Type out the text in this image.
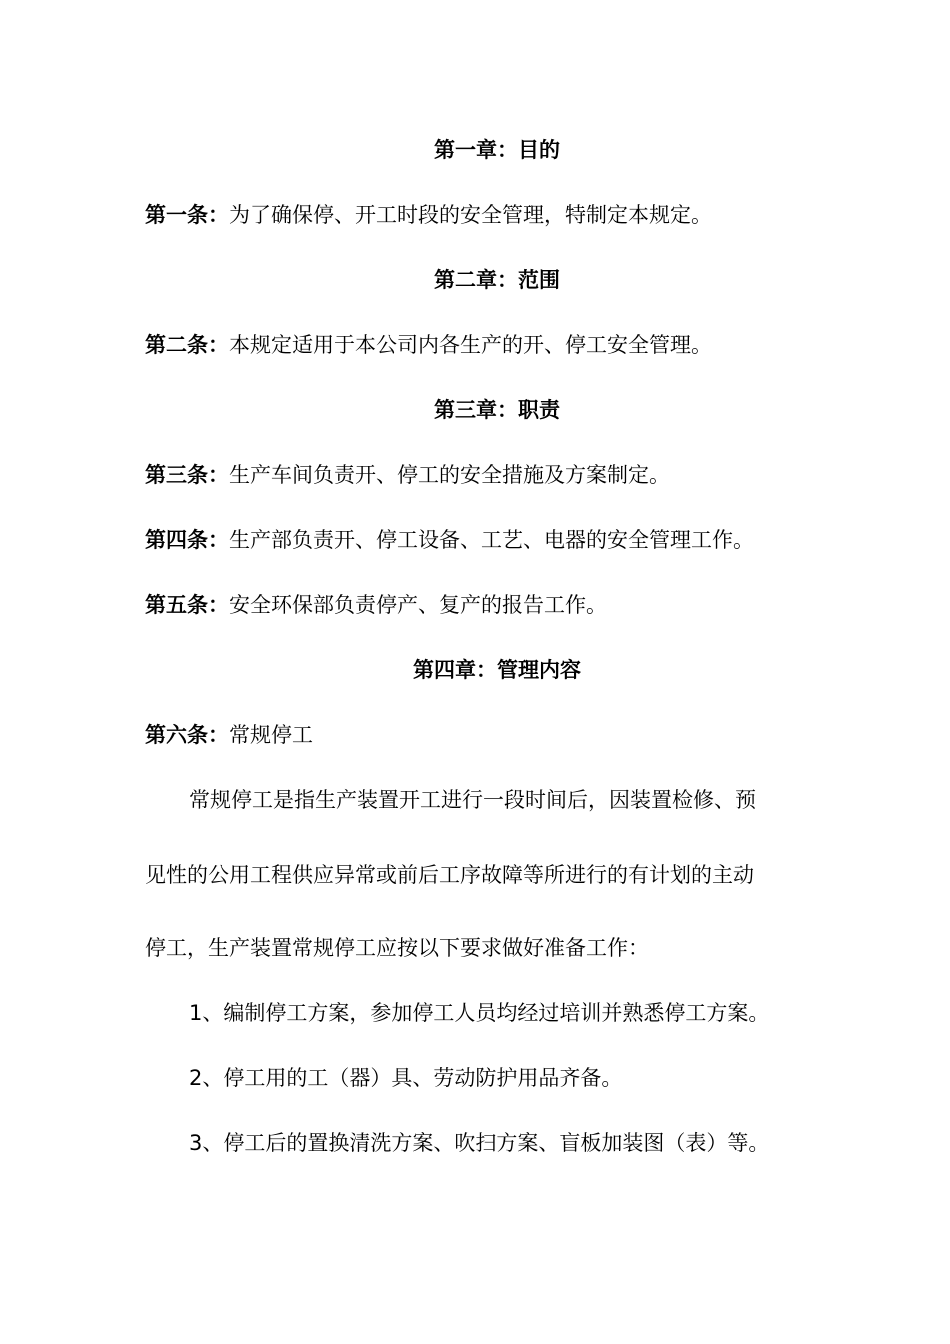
第一章：目的
第一条：为了确保停、开工时段的安全管理，特制定本规定。
第二章：范围
第二条：本规定适用于本公司内各生产的开、停工安全管理。
第三章：职责
第三条：生产车间负责开、停工的安全措施及方案制定。
第四条：生产部负责开、停工设备、工艺、电器的安全管理工作。
第五条：安全环保部负责停产、复产的报告工作。
第四章：管理内容
第六条：常规停工
常规停工是指生产装置开工进行一段时间后，因装置检修、预
见性的公用工程供应异常或前后工序故障等所进行的有计划的主动
停工，生产装置常规停工应按以下要求做好准备工作：
1、编制停工方案，参加停工人员均经过培训并熟悉停工方案。
2、停工用的工（器）具、劳动防护用品齐备。
3、停工后的置换清洗方案、吹扫方案、盲板加装图（表）等。
